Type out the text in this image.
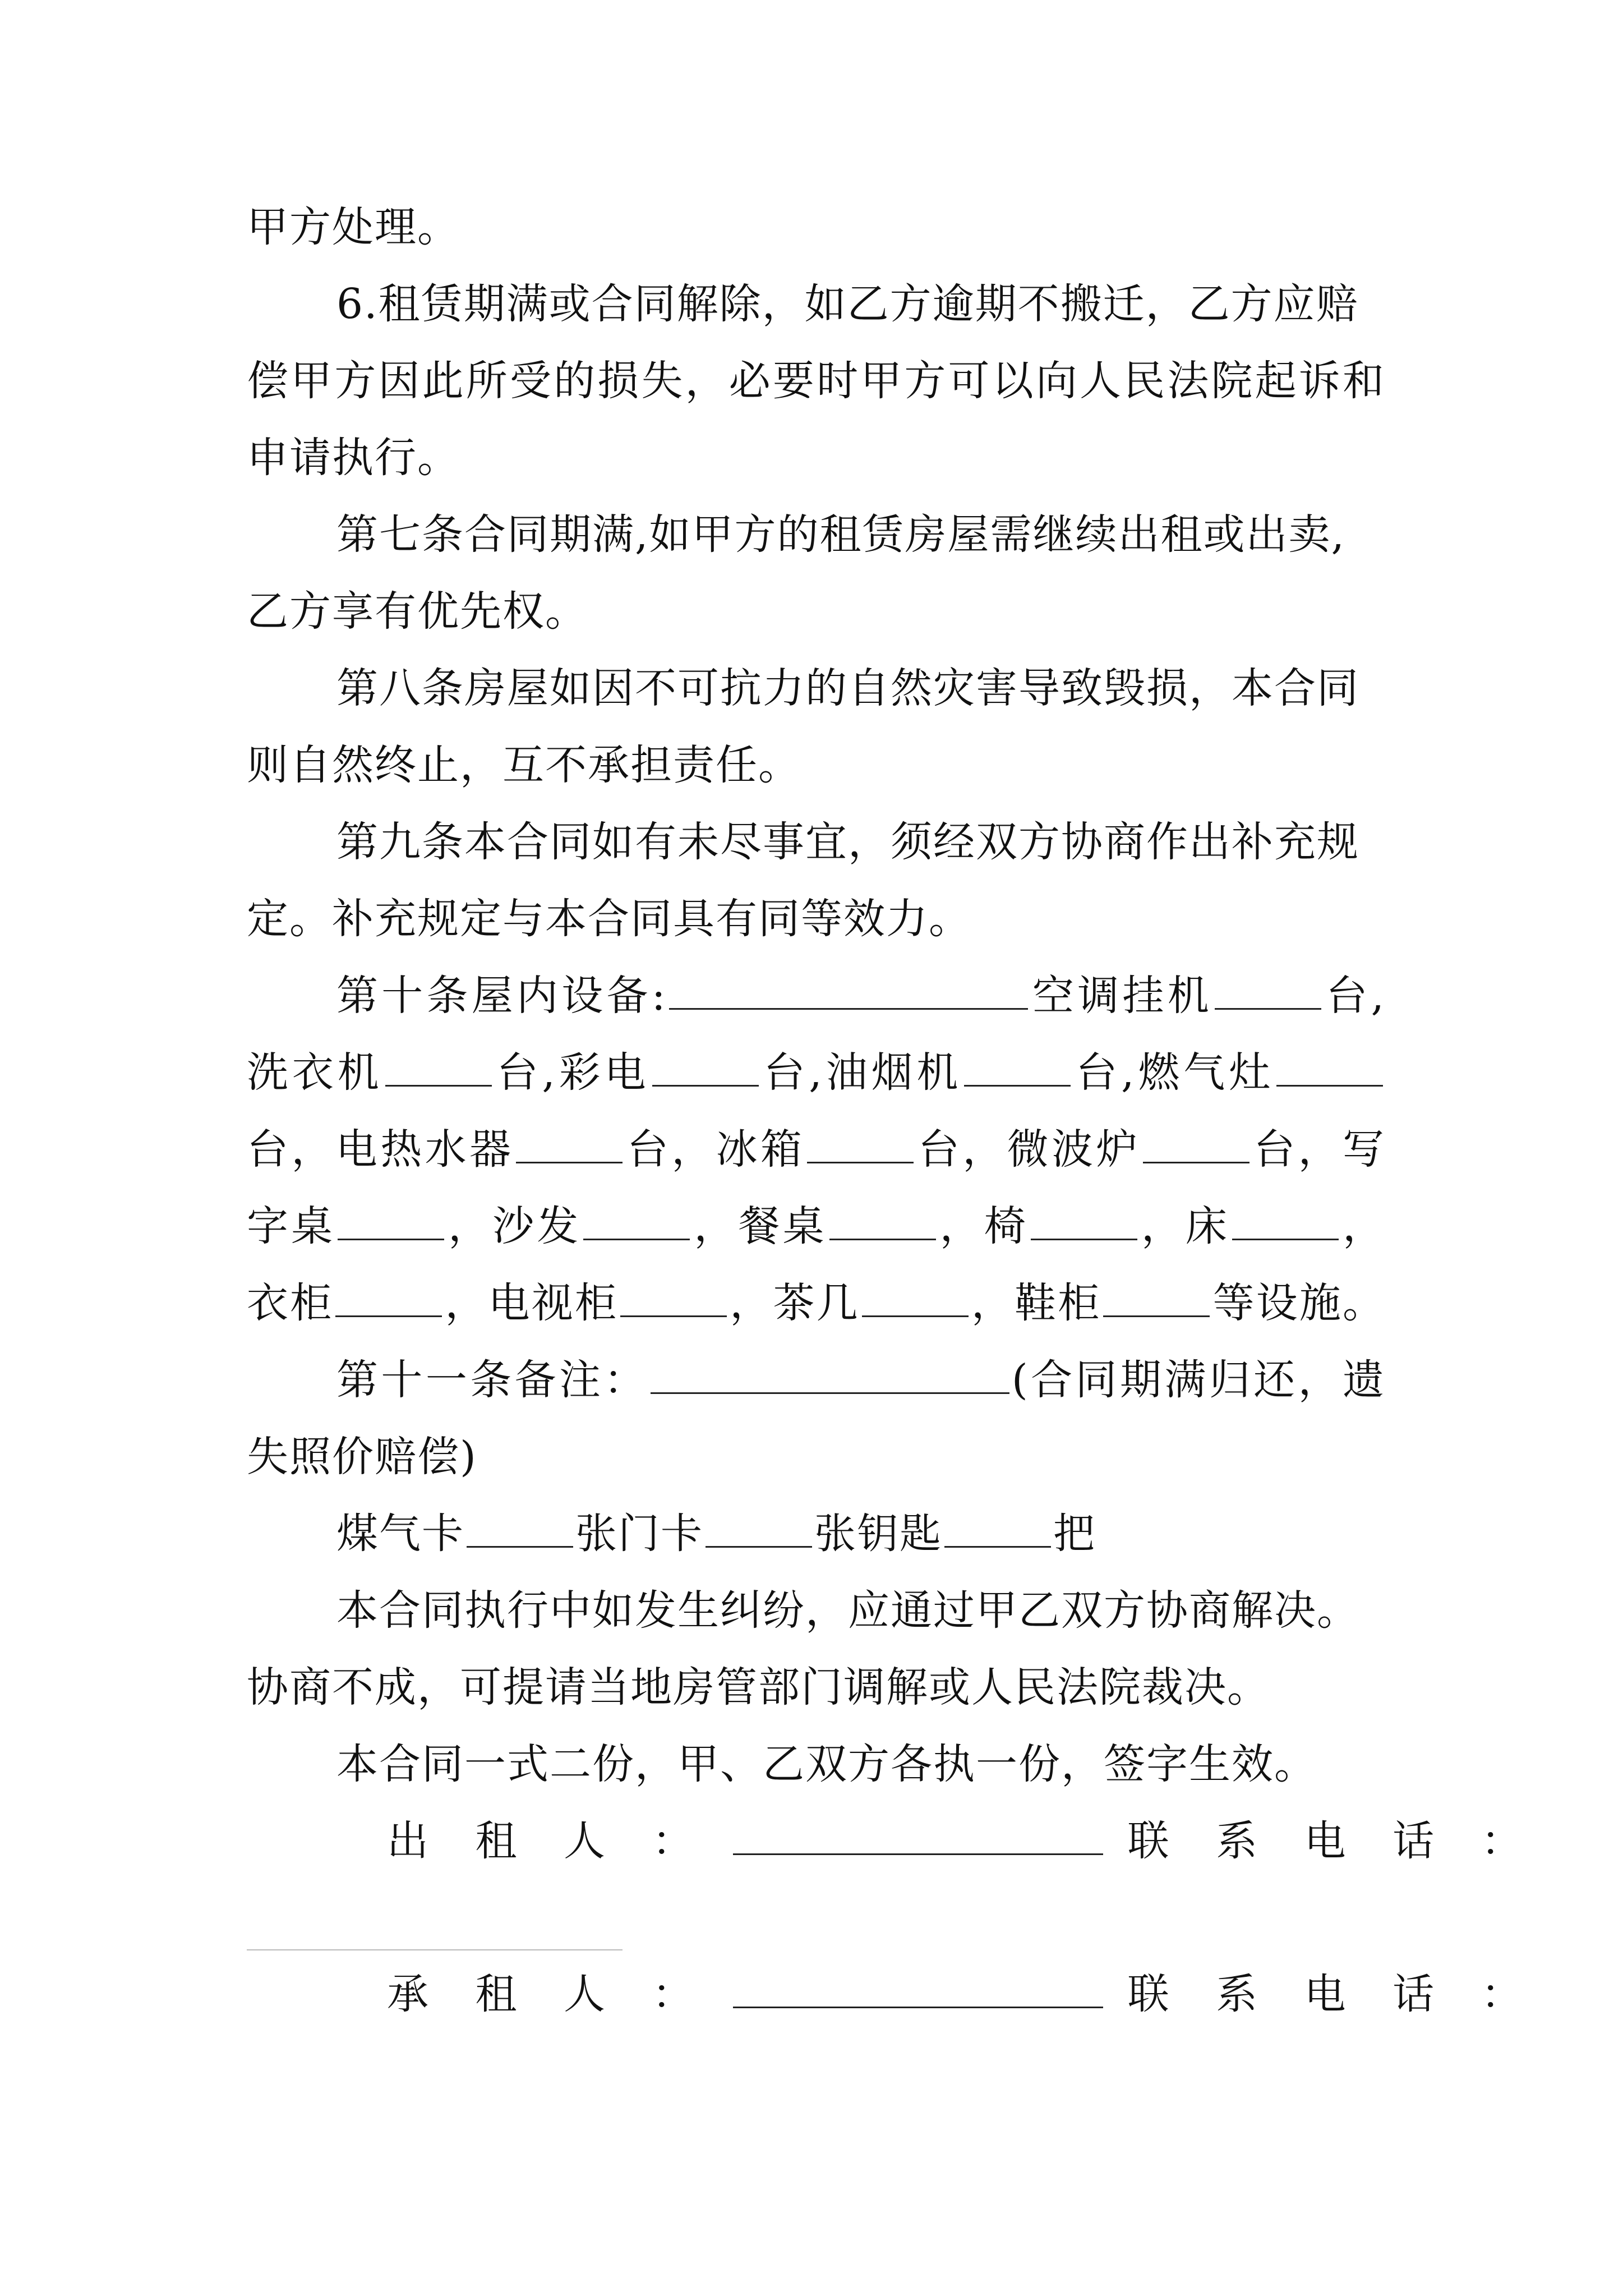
甲方处理。
6.租赁期满或合同解除，如乙方逾期不搬迁，乙方应赔
偿甲方因此所受的损失，必要时甲方可以向人民法院起诉和
申请执行。
第七条合同期满,如甲方的租赁房屋需继续出租或出卖,
乙方享有优先权。
第八条房屋如因不可抗力的自然灾害导致毁损，本合同
则自然终止，互不承担责任。
第九条本合同如有未尽事宜，须经双方协商作出补充规
定。补充规定与本合同具有同等效力。
第十条屋内设备:	空调挂机	台,
洗衣机	台,彩电	台,油烟机	台,燃气灶
台，电热水器	台，冰箱	台，微波炉	台，写
字桌	，沙发	，餐桌	，椅	，床	，
衣柜	，电视柜	，茶几	，鞋柜	等设施。
第十一条备注：	(合同期满归还，遗
失照价赔偿)
煤气卡	张门卡	张钥匙	把
本合同执行中如发生纠纷，应通过甲乙双方协商解决。
协商不成，可提请当地房管部门调解或人民法院裁决。
本合同一式二份，甲、乙双方各执一份，签字生效。
出 租 人 ：	联 系 电 话 ：
承 租 人 ：	联 系 电 话 ：
